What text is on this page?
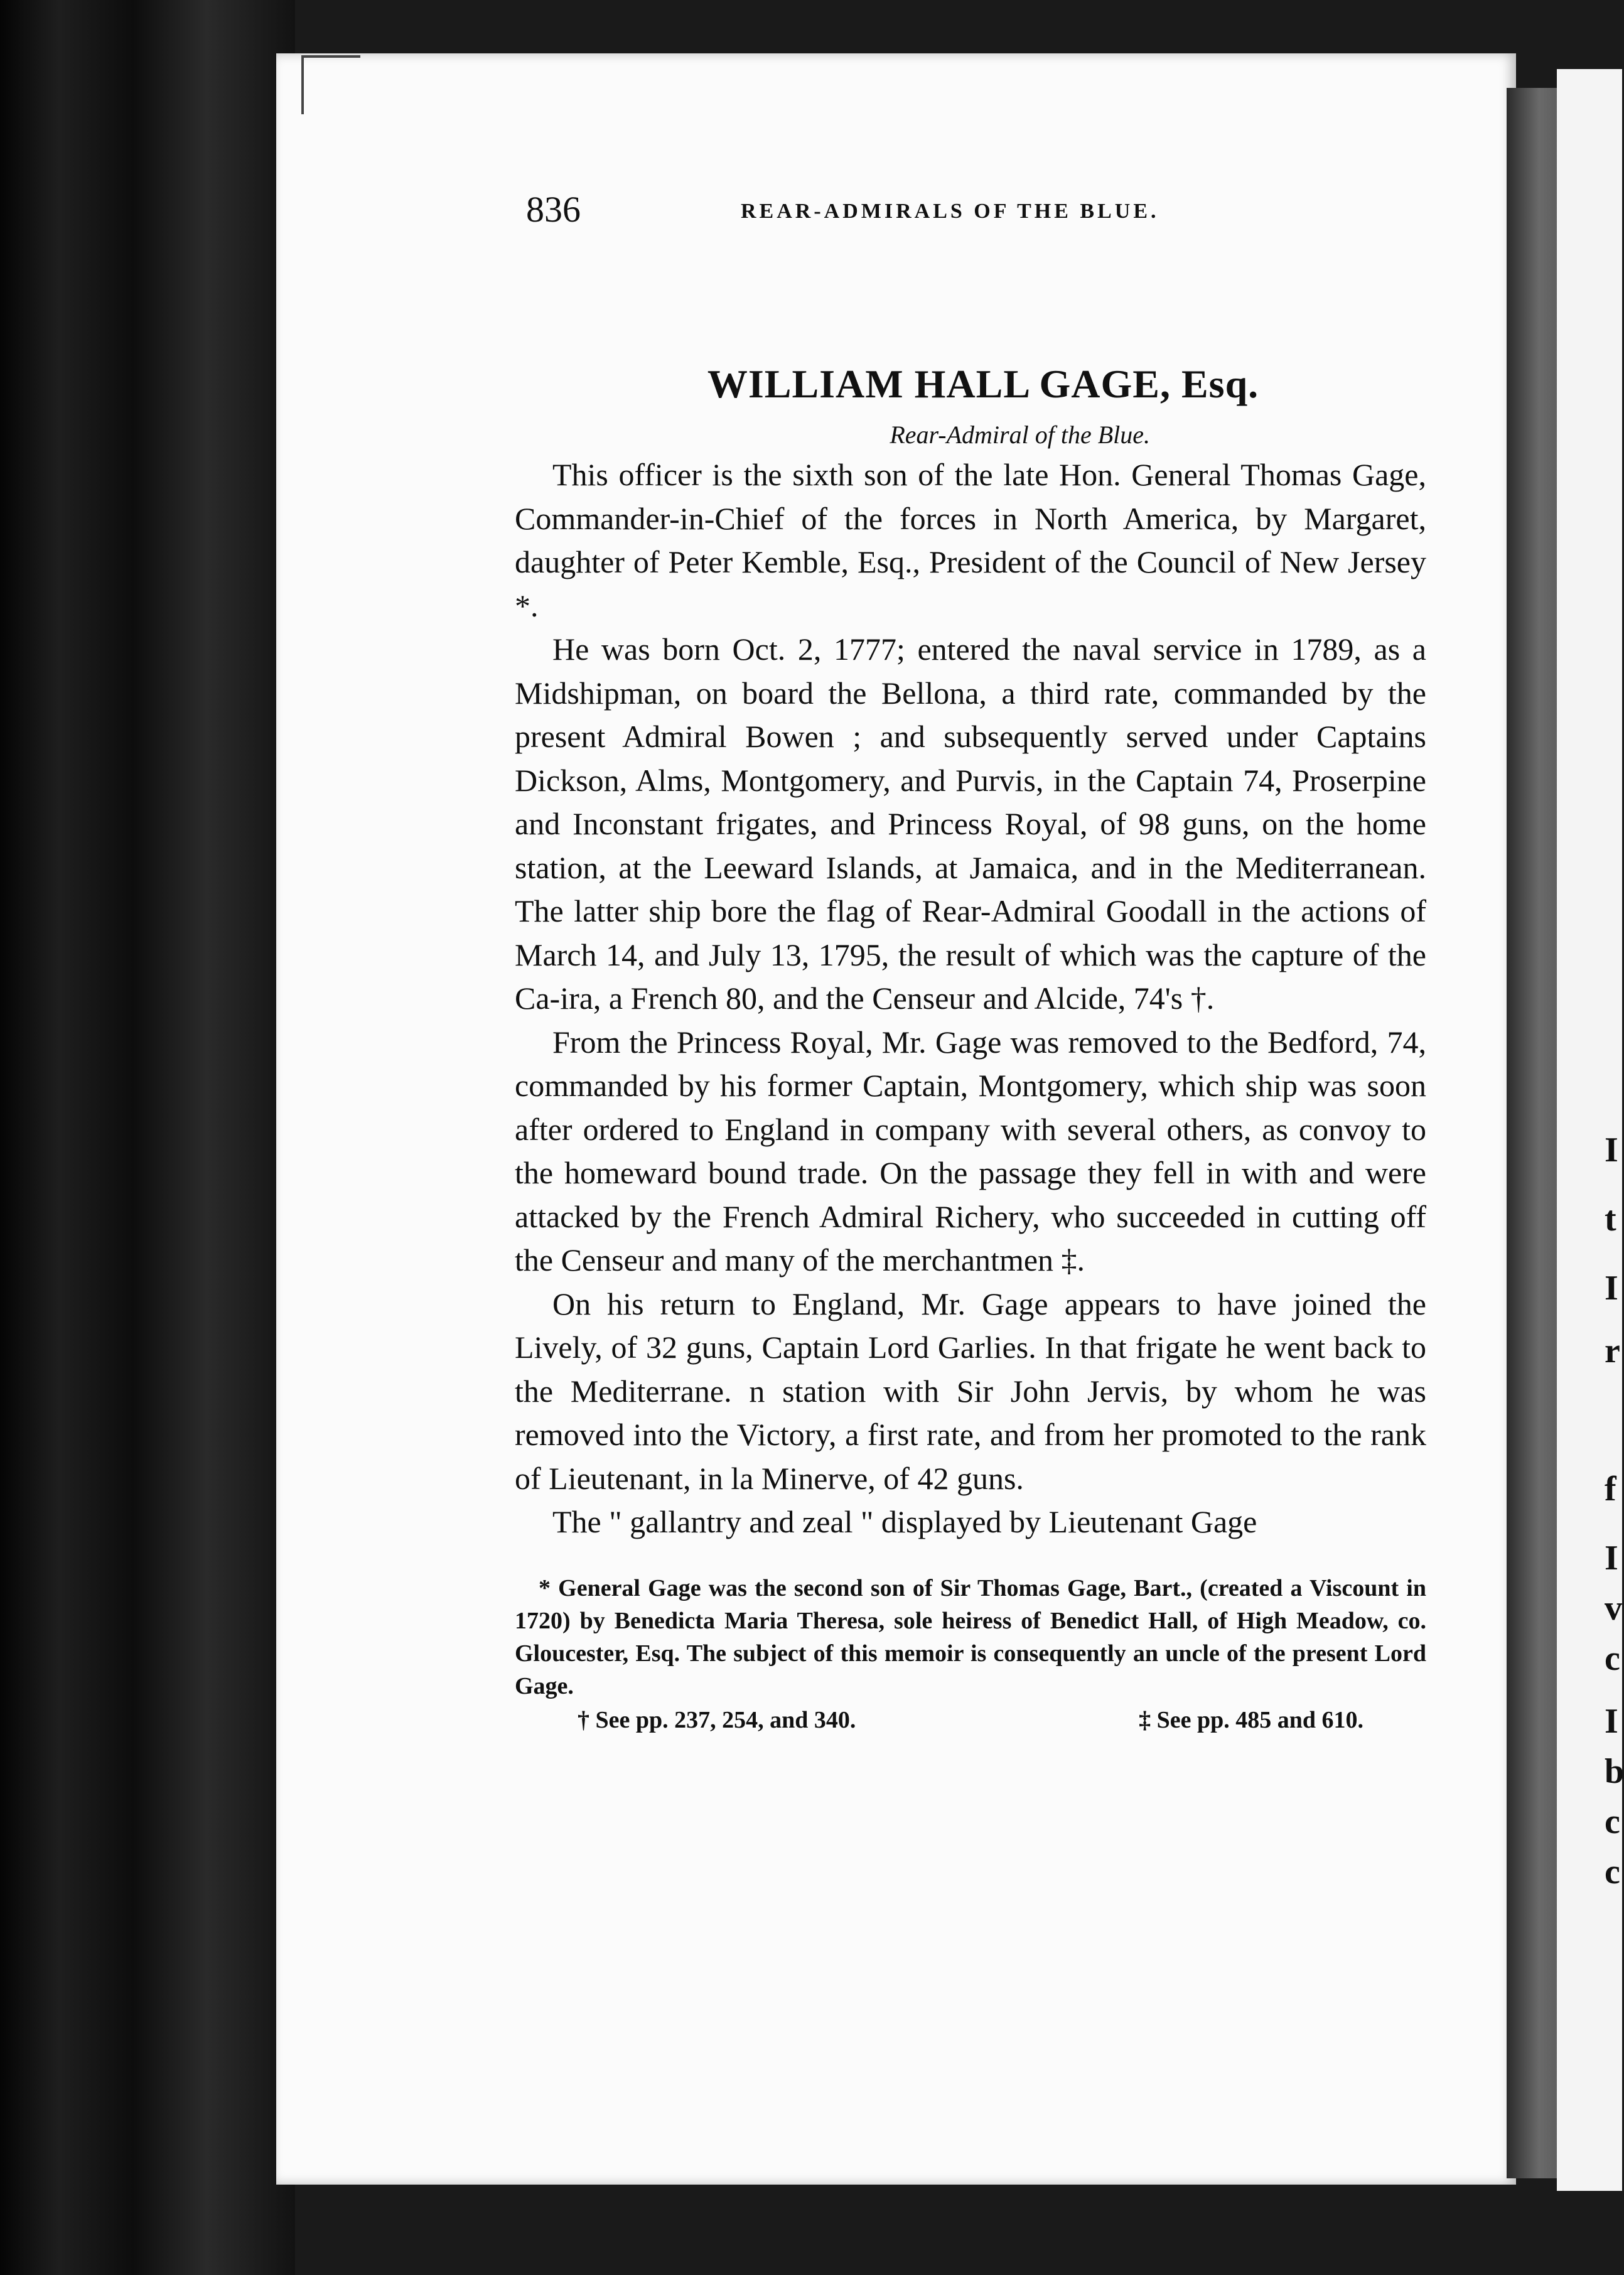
I
t
I
r
f
I
v
c
I
b
c
c
836	REAR-ADMIRALS OF THE BLUE.
WILLIAM HALL GAGE, Esq.
Rear-Admiral of the Blue.

This officer is the sixth son of the late Hon. General Thomas Gage, Commander-in-Chief of the forces in North America, by Margaret, daughter of Peter Kemble, Esq., President of the Council of New Jersey *.

He was born Oct. 2, 1777; entered the naval service in 1789, as a Midshipman, on board the Bellona, a third rate, commanded by the present Admiral Bowen ; and subsequently served under Captains Dickson, Alms, Montgomery, and Purvis, in the Captain 74, Proserpine and Inconstant frigates, and Princess Royal, of 98 guns, on the home station, at the Leeward Islands, at Jamaica, and in the Mediterranean. The latter ship bore the flag of Rear-Admiral Goodall in the actions of March 14, and July 13, 1795, the result of which was the capture of the Ca-ira, a French 80, and the Censeur and Alcide, 74's †.

From the Princess Royal, Mr. Gage was removed to the Bedford, 74, commanded by his former Captain, Montgomery, which ship was soon after ordered to England in company with several others, as convoy to the homeward bound trade. On the passage they fell in with and were attacked by the French Admiral Richery, who succeeded in cutting off the Censeur and many of the merchantmen ‡.

On his return to England, Mr. Gage appears to have joined the Lively, of 32 guns, Captain Lord Garlies. In that frigate he went back to the Mediterrane. n station with Sir John Jervis, by whom he was removed into the Victory, a first rate, and from her promoted to the rank of Lieutenant, in la Minerve, of 42 guns.

The " gallantry and zeal " displayed by Lieutenant Gage

* General Gage was the second son of Sir Thomas Gage, Bart., (created a Viscount in 1720) by Benedicta Maria Theresa, sole heiress of Benedict Hall, of High Meadow, co. Gloucester, Esq. The subject of this memoir is consequently an uncle of the present Lord Gage.

† See pp. 237, 254, and 340.	‡ See pp. 485 and 610.
